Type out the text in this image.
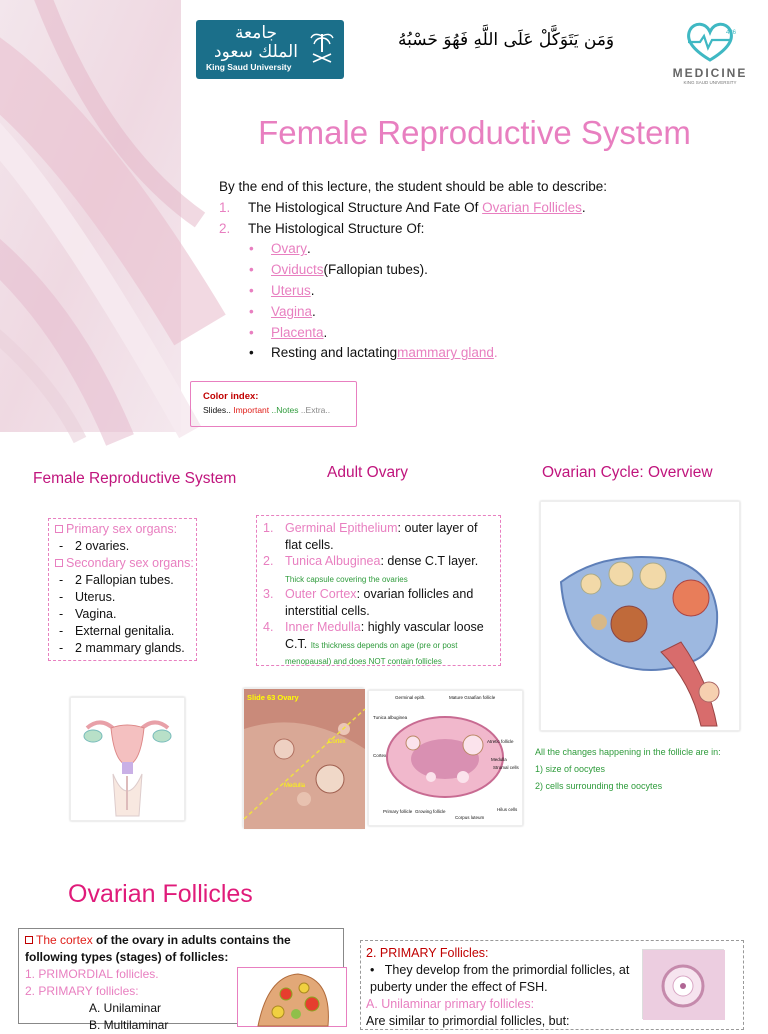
جامعة
الملك سعود
King Saud University
وَمَن يَتَوَكَّلْ عَلَى اللَّهِ فَهُوَ حَسْبُهُ	436
MEDICINE
KING SAUD UNIVERSITY
Female Reproductive System
By the end of this lecture, the student should be able to describe:
1.	The Histological Structure And Fate Of
Ovarian Follicles .
2.	The Histological Structure Of:
•	Ovary .
•	Oviducts (Fallopian tubes).
•	Uterus .
•	Vagina .
•	Placenta .
•	Resting and lactating mammary gland .
Color index:
Slides.. Important ..Notes ..Extra..
Female Reproductive System	Adult Ovary	Ovarian Cycle: Overview
Primary sex organs:
- 2 ovaries.
Secondary sex organs:
- 2 Fallopian tubes.
- Uterus.
- Vagina.
- External genitalia.
- 2 mammary glands.
1. Germinal Epithelium: outer layer of flat cells.
2. Tunica Albuginea: dense C.T layer.
Thick capsule covering the ovaries
3. Outer Cortex: ovarian follicles and interstitial cells.
4. Inner Medulla: highly vascular loose C.T. Its thickness depends on age (pre or post menopausal) and does NOT contain follicles
Slide 63 Ovary
Cortex
Medulla
Germinal epith.	Mature Graafian follicle
Tunica albuginea
Cortex
Medulla
Atretic follicle
Stromal cells
Primary follicle Growing follicle
Corpus luteum
Hilus cells
All the changes happening in the follicle are in:
1) size of oocytes
2) cells surrounding the oocytes
Ovarian Follicles
The cortex of the ovary in adults contains the following types (stages) of follicles:
1. PRIMORDIAL follicles.
2. PRIMARY follicles:
A. Unilaminar
B. Multilaminar
2. PRIMARY Follicles:
•   They develop from the primordial follicles, at puberty under the effect of FSH.
A. Unilaminar primary follicles:
Are similar to primordial follicles, but:
